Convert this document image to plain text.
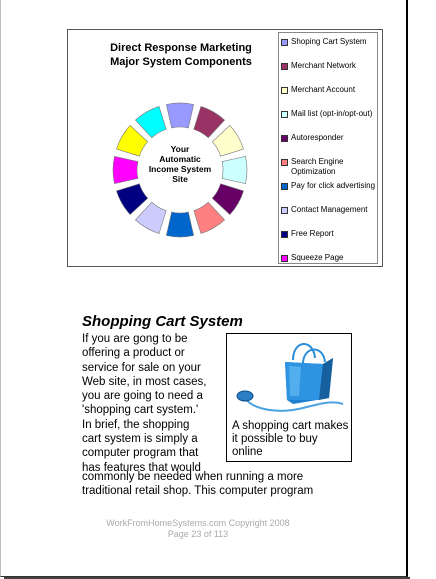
Direct Response Marketing
Major System Components
Your Automatic Income System Site
Shoping Cart System
Merchant Network
Merchant Account
Mail list (opt-in/opt-out)
Autoresponder
Search Engine Optimization
Pay for click advertising
Contact Management
Free Report
Squeeze Page
Shopping Cart System
If you are gong to be
offering a product or
service for sale on your
Web site, in most cases,
you are going to need a
'shopping cart system.'
In brief, the shopping
cart system is simply a
computer program that
has features that would
A shopping cart makes it possible to buy online
commonly be needed when running a more
traditional retail shop. This computer program
WorkFromHomeSystems.com Copyright 2008
Page 23 of 113
